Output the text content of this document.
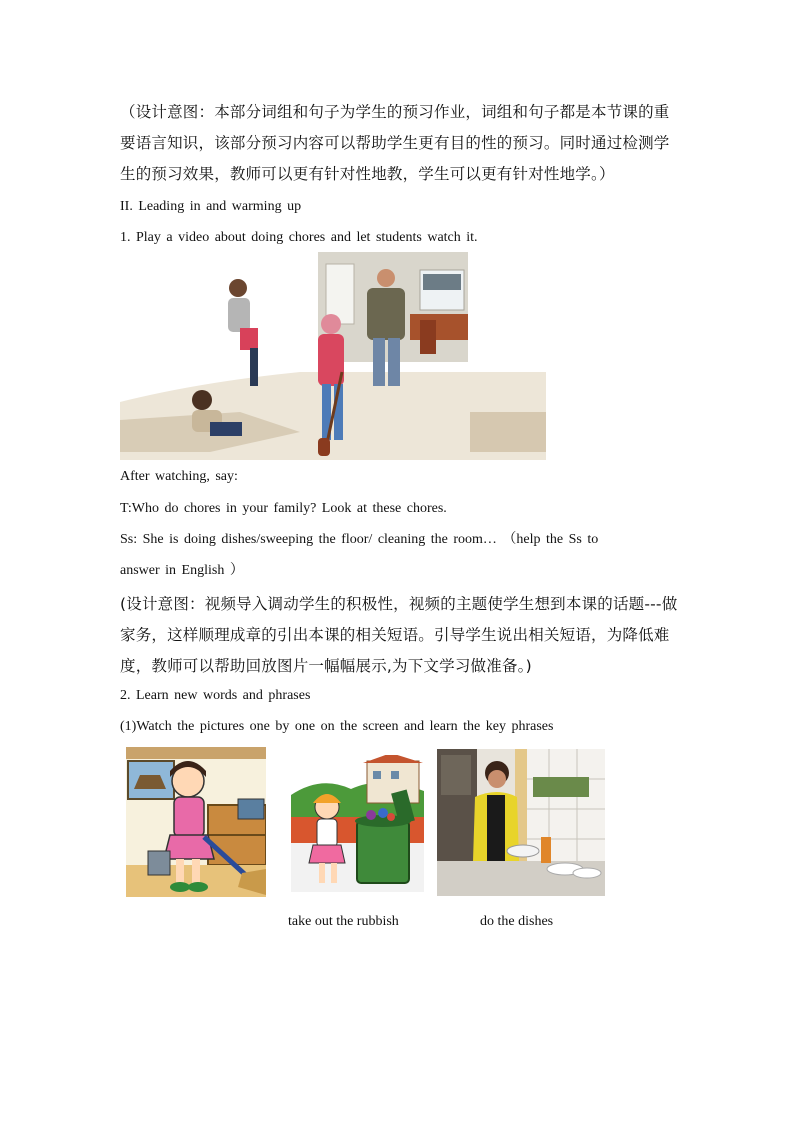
（设计意图：本部分词组和句子为学生的预习作业，词组和句子都是本节课的重要语言知识，该部分预习内容可以帮助学生更有目的性的预习。同时通过检测学生的预习效果，教师可以更有针对性地教，学生可以更有针对性地学。）
II. Leading in and warming up
1. Play a video about doing chores and let students watch it.
After watching, say:
T:Who do chores in your family? Look at these chores.
Ss: She is doing dishes/sweeping the floor/ cleaning the room… （help the Ss to
answer in English ）
(设计意图：视频导入调动学生的积极性，视频的主题使学生想到本课的话题---做家务，这样顺理成章的引出本课的相关短语。引导学生说出相关短语，为降低难度，教师可以帮助回放图片一幅幅展示,为下文学习做准备。)
2. Learn new words and phrases
(1)Watch the pictures one by one on the screen and learn the key phrases
take out the rubbish	do the dishes
